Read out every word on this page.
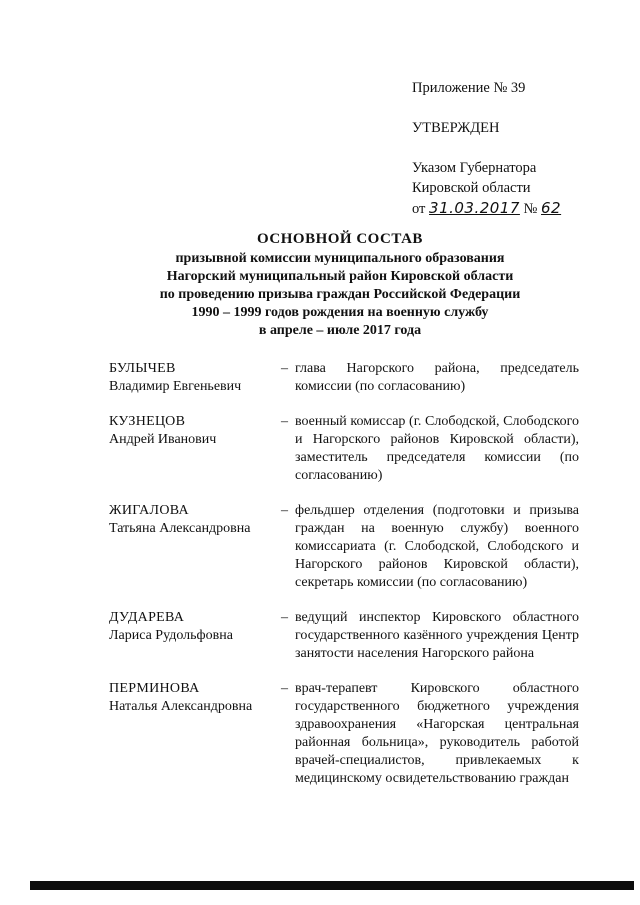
Приложение № 39
УТВЕРЖДЕН
Указом Губернатора
Кировской области
от 31.03.2017 № 62
ОСНОВНОЙ СОСТАВ
призывной комиссии муниципального образования
Нагорский муниципальный район Кировской области
по проведению призыва граждан Российской Федерации
1990 – 1999 годов рождения на военную службу
в апреле – июле 2017 года
БУЛЫЧЕВ
Владимир Евгеньевич
– глава Нагорского района, председатель комиссии (по согласованию)
КУЗНЕЦОВ
Андрей Иванович
– военный комиссар (г. Слободской, Слободского и Нагорского районов Кировской области), заместитель председателя комиссии (по согласованию)
ЖИГАЛОВА
Татьяна Александровна
– фельдшер отделения (подготовки и призыва граждан на военную службу) военного комиссариата (г. Слободской, Слободского и Нагорского районов Кировской области), секретарь комиссии (по согласованию)
ДУДАРЕВА
Лариса Рудольфовна
– ведущий инспектор Кировского областного государственного казённого учреждения Центр занятости населения Нагорского района
ПЕРМИНОВА
Наталья Александровна
– врач-терапевт Кировского областного государственного бюджетного учреждения здравоохранения «Нагорская центральная районная больница», руководитель работой врачей-специалистов, привлекаемых к медицинскому освидетельствованию граждан
